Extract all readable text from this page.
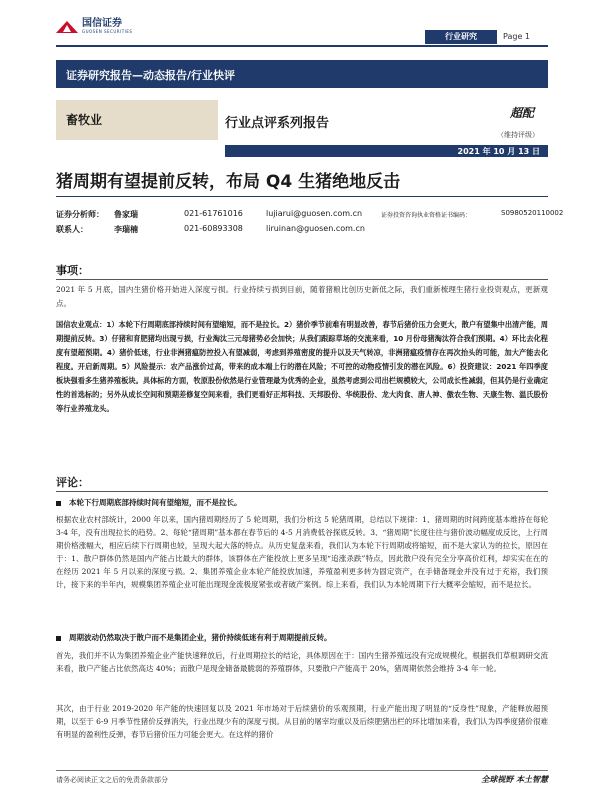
国信证券
GUOSEN SECURITIES
行业研究	Page 1
证券研究报告—动态报告/行业快评
畜牧业	行业点评系列报告
超配
（维持评级）
2021 年 10 月 13 日
猪周期有望提前反转，布局 Q4 生猪绝地反击
证券分析师： 鲁家瑞	021-61761016	lujiarui@guosen.com.cn	证券投资咨询执业资格证书编码：	S0980520110002
联系人：	李瑞楠	021-60893308	liruinan@guosen.com.cn
事项：
2021 年 5 月底，国内生猪价格开始进入深度亏损。行业持续亏损到目前，随着猪粮比创历史新低之际，我们重新梳理生猪行业投资观点，更新观点。
国信农业观点：1）本轮下行周期底部持续时间有望缩短，而不是拉长。2）猪价季节前难有明显改善，春节后猪价压力会更大，散户有望集中出清产能，周期提前反转。3）仔猪和育肥猪均出现亏损，行业淘汰三元母猪势必会加快；从我们跟踪草场的交流来看，10 月份母猪淘汰符合我们预期。4）环比去化程度有望超预期。4）猪价低迷，行业非洲猪瘟防控投入有望减弱，考虑到养殖密度的提升以及天气转凉，非洲猪瘟疫情存在再次抬头的可能，加大产能去化程度。开启新周期。5）风险提示：农产品涨价过高，带来的成本端上行的潜在风险；不可控的动物疫情引发的潜在风险。6）投资建议：2021 年四季度板块强看多生猪养殖板块。具体标的方面，牧原股份依然是行业管理最为优秀的企业，虽然考虑到公司出栏规模较大，公司成长性减弱，但其仍是行业确定性的首选标的；另外从成长空间和预期差修复空间来看，我们更看好正邦科技、天邦股份、华统股份、龙大肉食、唐人神、傲农生物、天康生物、温氏股份等行业养殖龙头。
评论：
本轮下行周期底部持续时间有望缩短，而不是拉长。
根据农业农村部统计，2000 年以来，国内猪周期经历了 5 轮周期，我们分析这 5 轮猪周期，总结以下规律：1、猪周期的时间跨度基本维持在每轮 3-4 年，没有出现拉长的趋势。2、每轮“猪周期”基本都在春节后的 4-5 月消费低谷探底反转。3、“猪周期”长度往往与猪价波动幅度成反比，上行周期价格涨幅大，相应后续下行周期也较，呈现大起大落的特点。从历史复盘来看，我们认为本轮下行周期或将缩短，而不是大家认为的拉长，原因在于：1、散户群体仍然是国内产能占比最大的群体，该群体在产能投放上更多呈现“追涨杀跌”特点，因此散户没有完全分享高价红利，却实实在在的在经历 2021 年 5 月以来的深度亏损。2、集团养殖企业本轮产能投放加速，养殖盈利更多转为固定资产，在手储备现金并没有过于充裕，我们预计，接下来的半年内，规模集团养殖企业可能出现现金流极度紧张或者破产案例。综上来看，我们认为本轮周期下行大概率会缩短，而不是拉长。
周期波动仍然取决于散户而不是集团企业，猪价持续低迷有利于周期提前反转。
首先，我们并不认为集团养殖企业产能快速释放后，行业周期拉长的结论，具体原因在于：国内生猪养殖远没有完成规模化，根据我们草根调研交流来看，散户产能占比依然高达 40%；而散户是现金储备最脆弱的养殖群体，只要散户产能高于 20%，猪周期依然会维持 3-4 年一轮。
其次，由于行业 2019-2020 年产能的快速回复以及 2021 年市场对于后续猪价的乐观预期，行业产能出现了明显的“反身性”现象，产能释放超预期，以至于 6-9 月季节性猪价反弹消失，行业出现少有的深度亏损。从目前的屠宰均重以及后续肥猪出栏的环比增加来看，我们认为四季度猪价很难有明显的盈利性反弹，春节后猪价压力可能会更大。在这样的猪价
请务必阅读正文之后的免责条款部分	全球视野 本土智慧
